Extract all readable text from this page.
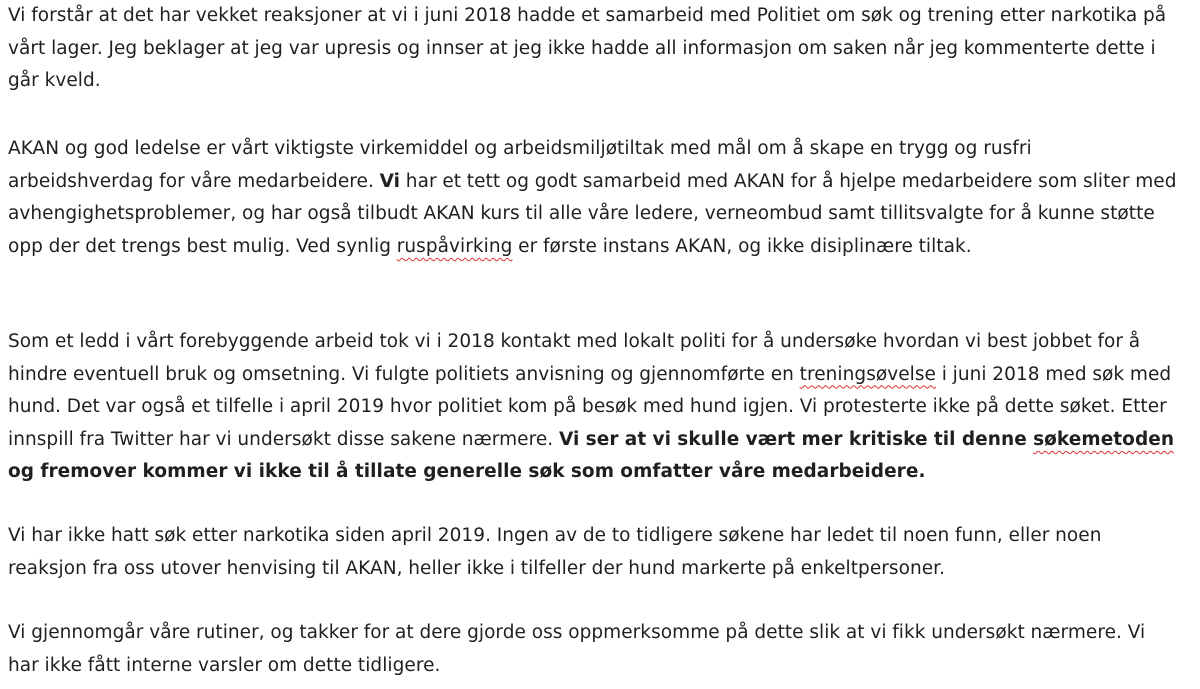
Vi forstår at det har vekket reaksjoner at vi i juni 2018 hadde et samarbeid med Politiet om søk og trening etter narkotika på vårt lager. Jeg beklager at jeg var upresis og innser at jeg ikke hadde all informasjon om saken når jeg kommenterte dette i går kveld.

AKAN og god ledelse er vårt viktigste virkemiddel og arbeidsmiljøtiltak med mål om å skape en trygg og rusfri arbeidshverdag for våre medarbeidere. Vi har et tett og godt samarbeid med AKAN for å hjelpe medarbeidere som sliter med avhengighetsproblemer, og har også tilbudt AKAN kurs til alle våre ledere, verneombud samt tillitsvalgte for å kunne støtte opp der det trengs best mulig. Ved synlig ruspåvirking er første instans AKAN, og ikke disiplinære tiltak.

Som et ledd i vårt forebyggende arbeid tok vi i 2018 kontakt med lokalt politi for å undersøke hvordan vi best jobbet for å hindre eventuell bruk og omsetning. Vi fulgte politiets anvisning og gjennomførte en treningsøvelse i juni 2018 med søk med hund. Det var også et tilfelle i april 2019 hvor politiet kom på besøk med hund igjen. Vi protesterte ikke på dette søket. Etter innspill fra Twitter har vi undersøkt disse sakene nærmere. Vi ser at vi skulle vært mer kritiske til denne søkemetoden og fremover kommer vi ikke til å tillate generelle søk som omfatter våre medarbeidere.

Vi har ikke hatt søk etter narkotika siden april 2019. Ingen av de to tidligere søkene har ledet til noen funn, eller noen reaksjon fra oss utover henvising til AKAN, heller ikke i tilfeller der hund markerte på enkeltpersoner.

Vi gjennomgår våre rutiner, og takker for at dere gjorde oss oppmerksomme på dette slik at vi fikk undersøkt nærmere. Vi har ikke fått interne varsler om dette tidligere.
